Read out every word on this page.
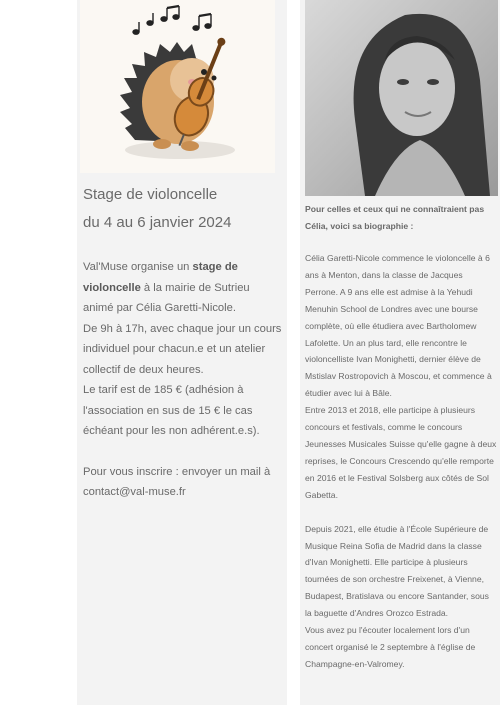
Stage de violoncelle
du 4 au 6 janvier 2024
Val'Muse organise un stage de violoncelle à la mairie de Sutrieu animé par Célia Garetti-Nicole.
De 9h à 17h, avec chaque jour un cours individuel pour chacun.e et un atelier collectif de deux heures.
Le tarif est de 185 € (adhésion à l'association en sus de 15 € le cas échéant pour les non adhérent.e.s).
Pour vous inscrire : envoyer un mail à contact@val-muse.fr
Pour celles et ceux qui ne connaîtraient pas Célia, voici sa biographie :
Célia Garetti-Nicole commence le violoncelle à 6 ans à Menton, dans la classe de Jacques Perrone. A 9 ans elle est admise à la Yehudi Menuhin School de Londres avec une bourse complète, où elle étudiera avec Bartholomew Lafolette. Un an plus tard, elle rencontre le violoncelliste Ivan Monighetti, dernier élève de Mstislav Rostropovich à Moscou, et commence à étudier avec lui à Bâle.
Entre 2013 et 2018, elle participe à plusieurs concours et festivals, comme le concours Jeunesses Musicales Suisse qu'elle gagne à deux reprises, le Concours Crescendo qu'elle remporte en 2016 et le Festival Solsberg aux côtés de Sol Gabetta.
Depuis 2021, elle étudie à l'École Supérieure de Musique Reina Sofia de Madrid dans la classe d'Ivan Monighetti. Elle participe à plusieurs tournées de son orchestre Freixenet, à Vienne, Budapest, Bratislava ou encore Santander, sous la baguette d'Andres Orozco Estrada.
Vous avez pu l'écouter localement lors d'un concert organisé le 2 septembre à l'église de Champagne-en-Valromey.
